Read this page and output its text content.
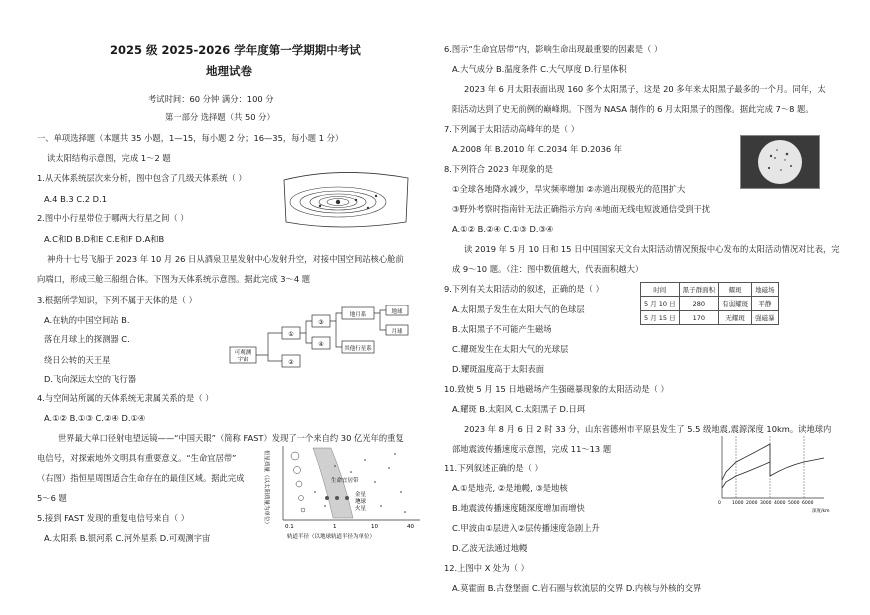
2025 级 2025-2026 学年度第一学期期中考试
地理试卷
考试时间：60 分钟 满分：100 分
第一部分 选择题（共 50 分）
一、单项选择题（本题共 35 小题，1—15，每小题 2 分；16—35，每小题 1 分）
读太阳结构示意图，完成 1～2 题
1.从天体系统层次来分析，图中包含了几级天体系统（ ）
A.4 B.3 C.2 D.1
2.图中小行星带位于哪两大行星之间（ ）
A.C和D B.D和E C.E和F D.A和B
神舟十七号飞船于 2023 年 10 月 26 日从酒泉卫星发射中心发射升空，对接中国空间站核心舱前
向端口，形成三舱三船组合体。下图为天体系统示意图。据此完成 3～4 题
3.根据所学知识，下列不属于天体的是（ ）
A.在轨的中国空间站 B.
落在月球上的探测器 C.
绕日公转的天王星
D.飞向深远太空的飞行器
可观测
宇宙
①
②
③
④
地月系
其他行星系
地球
月球
4.与空间站所属的天体系统无隶属关系的是（ ）
A.①② B.①③ C.②④ D.①④
世界最大单口径射电望远镜——“中国天眼”（简称 FAST）发现了一个来自约 30 亿光年的重复
电信号，对探索地外文明具有重要意义。“生命宜居带”
（右图）指恒星周围适合生命存在的最佳区域。据此完成
5～6 题
5.接到 FAST 发现的重复电信号来自（ ）
A.太阳系 B.银河系 C.河外星系 D.可观测宇宙
恒星质量（以太阳质量为单位）	生命宜居带
金星
地球
火星
0.1	1	10	40
轨道半径（以地球轨道半径为单位）
6.图示“生命宜居带”内，影响生命出现最重要的因素是（ ）
A.大气成分 B.温度条件 C.大气厚度 D.行星体积
2023 年 6 月太阳表面出现 160 多个太阳黑子，这是 20 多年来太阳黑子最多的一个月。同年，太
阳活动达到了史无前例的巅峰期。下图为 NASA 制作的 6 月太阳黑子的图像。据此完成 7～8 题。
7.下列属于太阳活动高峰年的是（ ）
A.2008 年 B.2010 年 C.2034 年 D.2036 年
8.下列符合 2023 年现象的是
①全球各地降水减少，旱灾频率增加 ②赤道出现极光的范围扩大
③野外考察时指南针无法正确指示方向 ④地面无线电短波通信受到干扰
A.①② B.②④ C.①③ D.③④
读 2019 年 5 月 10 日和 15 日中国国家天文台太阳活动情况预报中心发布的太阳活动情况对比表，完
成 9～10 题。（注：图中数值越大，代表面积越大）
9.下列有关太阳活动的叙述，正确的是（ ）
A.太阳黑子发生在太阳大气的色球层
B.太阳黑子不可能产生磁场
C.耀斑发生在太阳大气的光球层
D.耀斑温度高于太阳表面
时间	黑子群面积	耀斑	地磁场
5 月 10 日	280	有弱耀斑	平静
5 月 15 日	170	无耀斑	强磁暴
10.致使 5 月 15 日地磁场产生强磁暴现象的太阳活动是（ ）
A.耀斑 B.太阳风 C.太阳黑子 D.日珥
2023 年 8 月 6 日 2 时 33 分，山东省德州市平原县发生了 5.5 级地震,震源深度 10km。读地球内
部地震波传播速度示意图，完成 11～13 题
11.下列叙述正确的是（ ）
A.①是地壳, ②是地幔, ③是地核
B.地震波传播速度随深度增加而增快
C.甲波由①层进入②层传播速度急剧上升
D.乙波无法通过地幔
12.上图中 X 处为（ ）
A.莫霍面 B.古登堡面 C.岩石圈与软流层的交界 D.内核与外核的交界
0 1000 2000 3000 4000 5000 6000
深度/km
